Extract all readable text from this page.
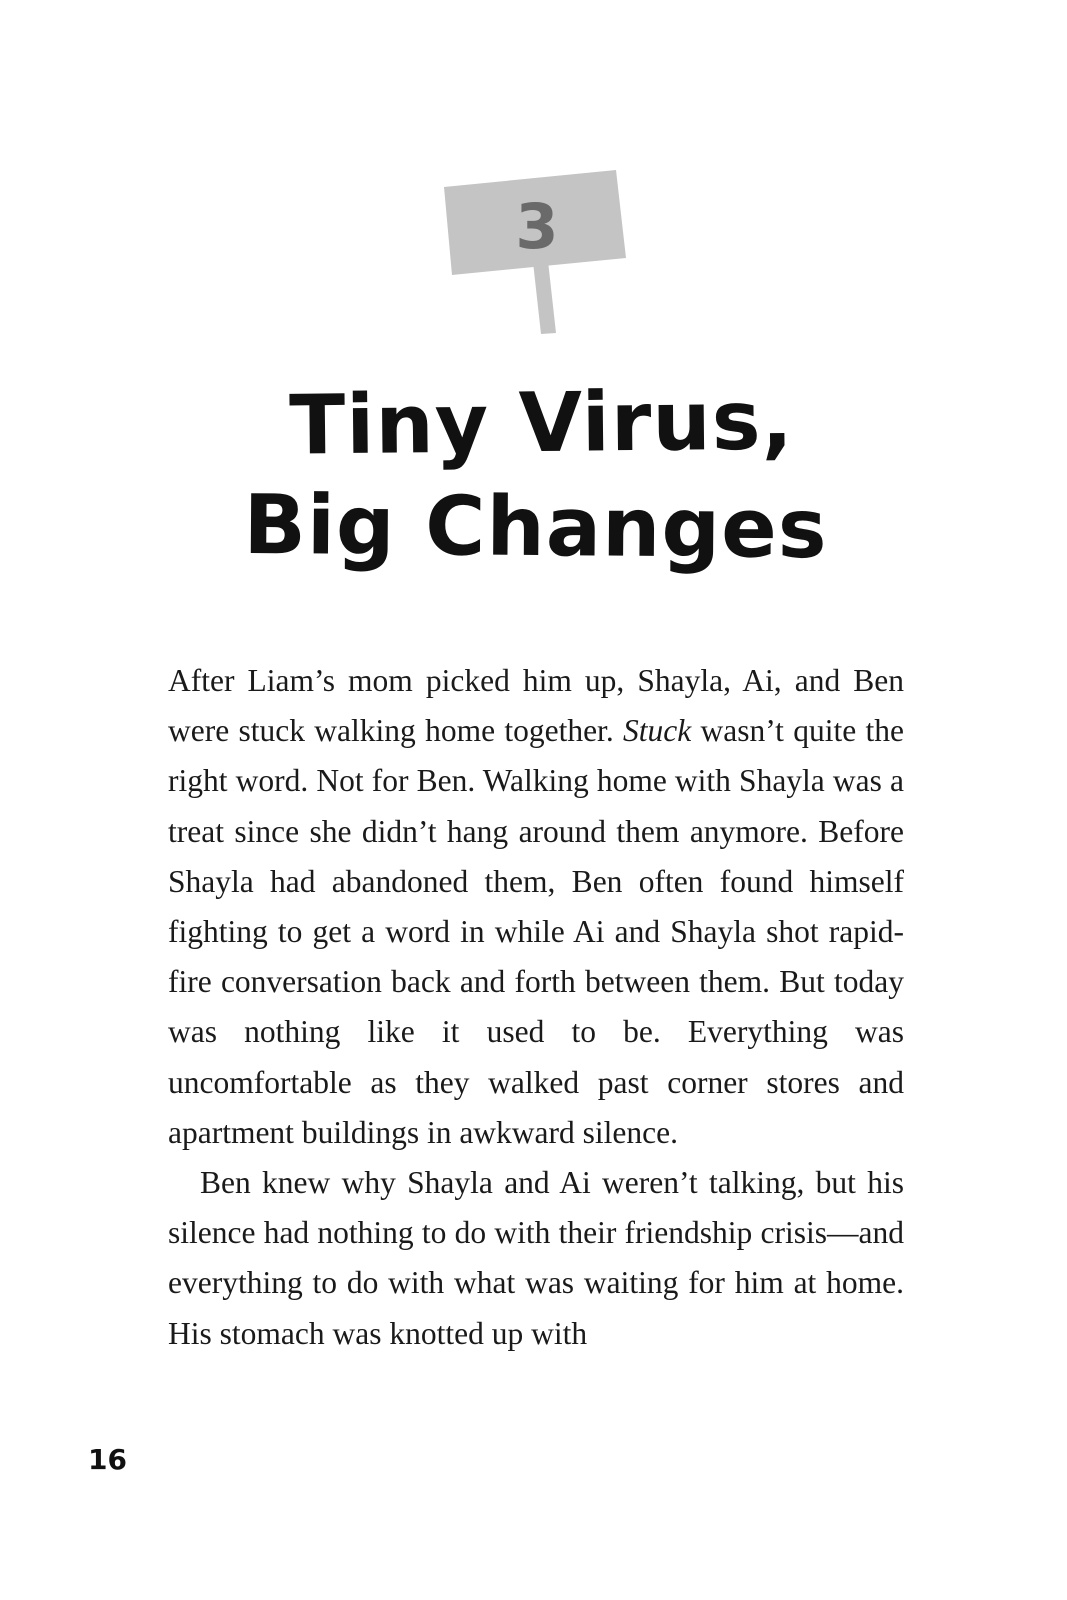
3
Tiny Virus,
Big Changes

After Liam’s mom picked him up, Shayla, Ai, and Ben were stuck walking home together. Stuck wasn’t quite the right word. Not for Ben. Walking home with Shayla was a treat since she didn’t hang around them anymore. Before Shayla had abandoned them, Ben often found himself fighting to get a word in while Ai and Shayla shot rapid-fire conversation back and forth between them. But today was nothing like it used to be. Everything was uncomfortable as they walked past corner stores and apartment buildings in awkward silence.

Ben knew why Shayla and Ai weren’t talking, but his silence had nothing to do with their friendship crisis—and everything to do with what was waiting for him at home. His stomach was knotted up with

16
